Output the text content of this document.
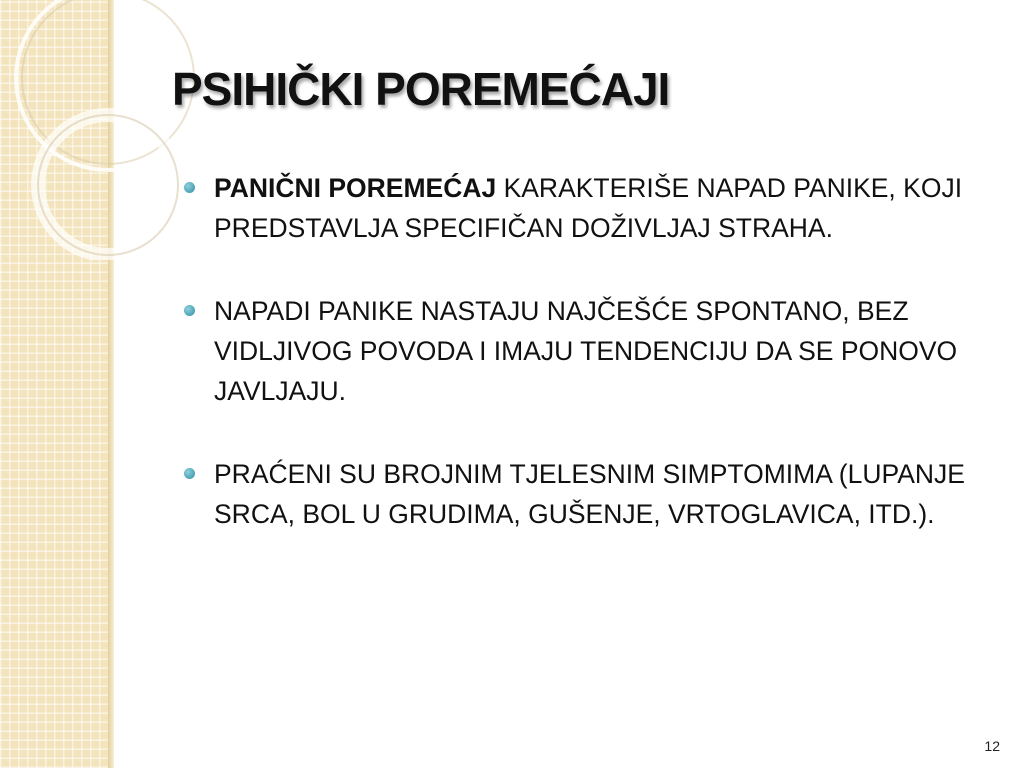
PSIHIČKI POREMEĆAJI
PANIČNI POREMEĆAJ KARAKTERIŠE NAPAD PANIKE, KOJI PREDSTAVLJA SPECIFIČAN DOŽIVLJAJ STRAHA.
NAPADI PANIKE NASTAJU NAJČEŠĆE SPONTANO, BEZ VIDLJIVOG POVODA I IMAJU TENDENCIJU DA SE PONOVO JAVLJAJU.
PRAĆENI SU BROJNIM TJELESNIM SIMPTOMIMA (LUPANJE SRCA, BOL U GRUDIMA, GUŠENJE, VRTOGLAVICA, ITD.).
12
